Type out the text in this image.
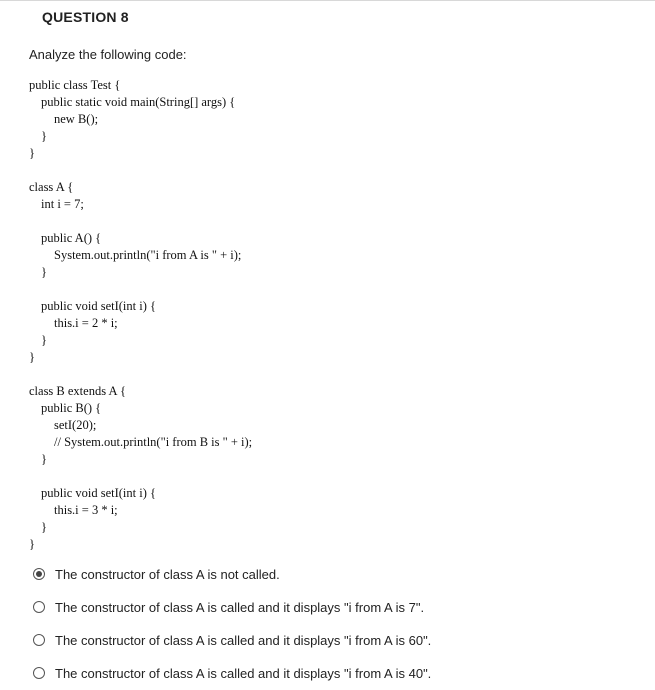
QUESTION 8
Analyze the following code:
public class Test {
public static void main(String[] args) {
new B();
}
}
class A {
int i = 7;
public A() {
System.out.println("i from A is " + i);
}
public void setI(int i) {
this.i = 2 * i;
}
}
class B extends A {
public B() {
setI(20);
// System.out.println("i from B is " + i);
}
public void setI(int i) {
this.i = 3 * i;
}
}
The constructor of class A is not called.
The constructor of class A is called and it displays "i from A is 7".
The constructor of class A is called and it displays "i from A is 60".
The constructor of class A is called and it displays "i from A is 40".
